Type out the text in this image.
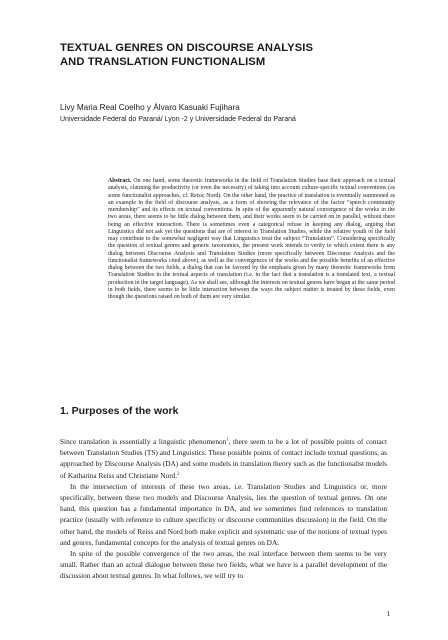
TEXTUAL GENRES ON DISCOURSE ANALYSIS
AND TRANSLATION FUNCTIONALISM
Livy Maria Real Coelho y Álvaro Kasuaki Fujihara
Universidade Federal do Paraná/ Lyon -2 y Universidade Federal do Paraná

Abstract. On one hand, some theoretic frameworks in the field of Translation Studies base their approach on a textual analysis, claiming the productivity (or even the necessity) of taking into account culture-specific textual conventions (as some functionalist approaches, cf. Reiss; Nord). On the other hand, the practice of translation is eventually summoned as an example in the field of discourse analysis, as a form of showing the relevance of the factor “speech community membership” and its effects on textual conventions. In spite of the apparently natural convergence of the works in the two areas, there seems to be little dialog between them, and their works seem to be carried on in parallel, without there being an effective interaction. There is sometimes even a categorical refuse in keeping any dialog, arguing that Linguistics did not ask yet the questions that are of interest to Translation Studies, while the relative youth of the field may contribute to the somewhat negligent way that Linguistics treat the subject “Translation”. Considering specifically the question of textual genres and generic taxonomies, the present work intends to verify to which extent there is any dialog between Discourse Analysis and Translation Studies (more specifically between Discourse Analysis and the functionalist frameworks cited above), as well as the convergences of the works and the possible benefits of an effective dialog between the two fields, a dialog that can be favored by the emphasis given by many theoretic frameworks from Translation Studies in the textual aspects of translation (i.e. in the fact that a translation is a translated text, a textual production in the target language). As we shall see, although the interests on textual genres have began at the same period in both fields, there seems to be little interaction between the ways the subject matter is treated by these fields, even though the questions raised on both of them are very similar.

1. Purposes of the work

Since translation is essentially a linguistic phenomenon$^1$, there seem to be a lot of possible points of contact between Translation Studies (TS) and Linguistics. These possible points of contact include textual questions, as approached by Discourse Analysis (DA) and some models in translation theory such as the functionalist models of Katharina Reiss and Christiane Nord.$^2$

In the intersection of interests of these two areas, i.e. Translation Studies and Linguistics or, more specifically, between these two models and Discourse Analysis, lies the question of textual genres. On one hand, this question has a fundamental importance in DA, and we sometimes find references to translation practice (usually with reference to culture specificity or discourse communities discussion) in the field. On the other hand, the models of Reiss and Nord both make explicit and systematic use of the notions of textual types and genres, fundamental concepts for the analysis of textual genres on DA.

In spite of the possible convergence of the two areas, the real interface between them seems to be very small. Rather than an actual dialogue between these two fields, what we have is a parallel development of the discussion about textual genres. In what follows, we will try to

1
